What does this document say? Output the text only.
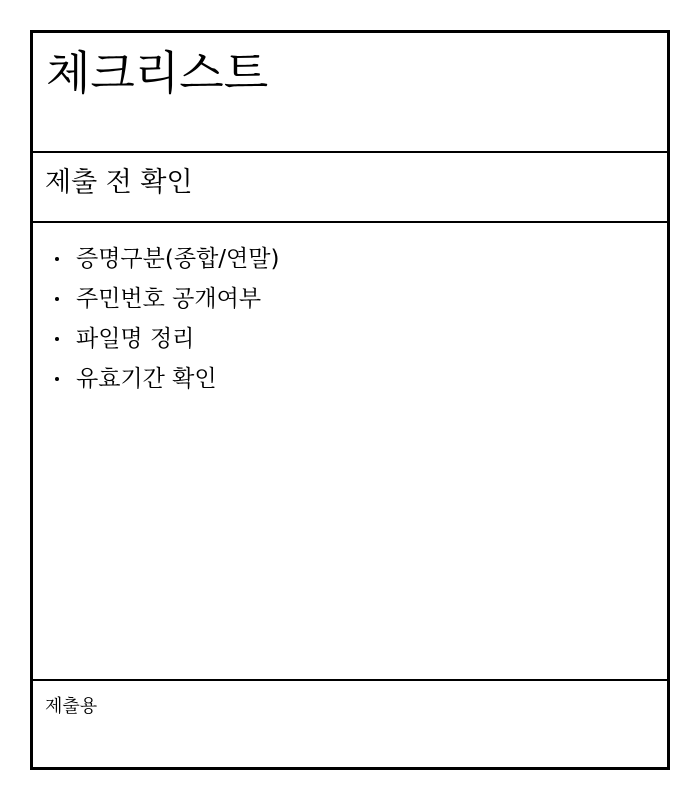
체크리스트
제출 전 확인
증명구분(종합/연말)
주민번호 공개여부
파일명 정리
유효기간 확인
제출용
